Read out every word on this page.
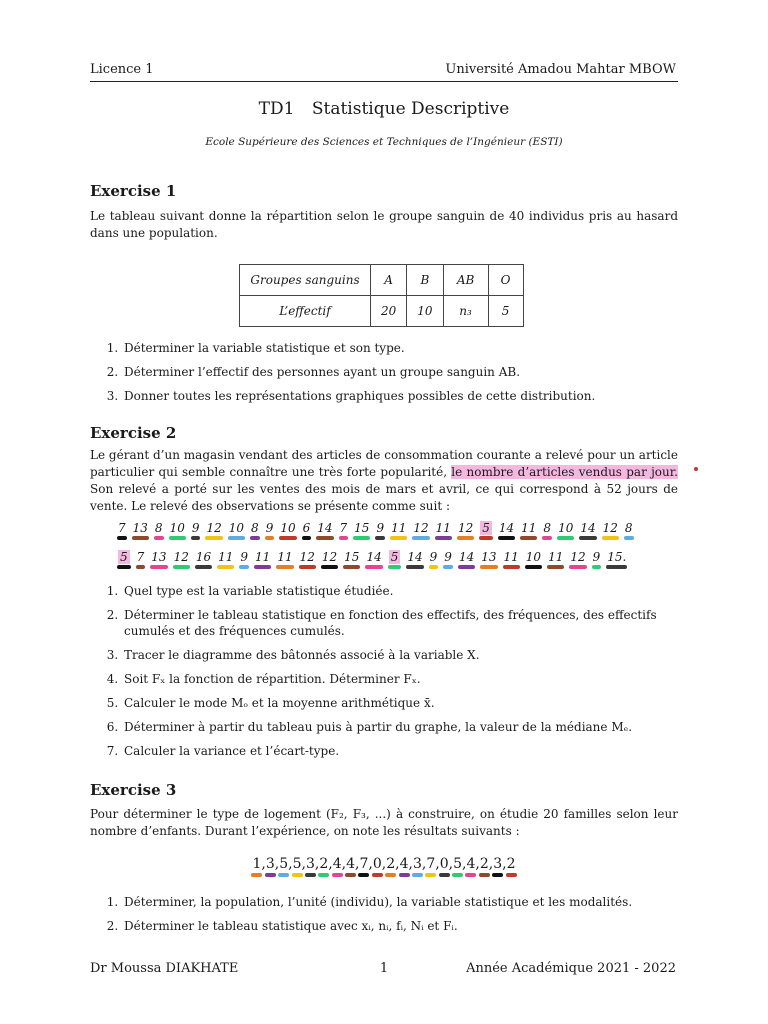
Licence 1	Université Amadou Mahtar MBOW
TD1 Statistique Descriptive
Ecole Supérieure des Sciences et Techniques de l’Ingénieur (ESTI)
Exercise 1
Le tableau suivant donne la répartition selon le groupe sanguin de 40 individus pris au hasard dans une population.
Groupes sanguins	A	B	AB	O
L’effectif	20	10	n₃	5
1. Déterminer la variable statistique et son type.
2. Déterminer l’effectif des personnes ayant un groupe sanguin AB.
3. Donner toutes les représentations graphiques possibles de cette distribution.
Exercise 2
Le gérant d’un magasin vendant des articles de consommation courante a relevé pour un article particulier qui semble connaître une très forte popularité, le nombre d’articles vendus par jour. Son relevé a porté sur les ventes des mois de mars et avril, ce qui correspond à 52 jours de vente. Le relevé des observations se présente comme suit :
7 13 8 10 9 12 10 8 9 10 6 14 7 15 9 11 12 11 12 5 14 11 8 10 14 12 8
5 7 13 12 16 11 9 11 11 12 12 15 14 5 14 9 9 14 13 11 10 11 12 9 15.
1. Quel type est la variable statistique étudiée.
2. Déterminer le tableau statistique en fonction des effectifs, des fréquences, des effectifs cumulés et des fréquences cumulés.
3. Tracer le diagramme des bâtonnés associé à la variable X.
4. Soit Fₓ la fonction de répartition. Déterminer Fₓ.
5. Calculer le mode Mₒ et la moyenne arithmétique x̄.
6. Déterminer à partir du tableau puis à partir du graphe, la valeur de la médiane Mₑ.
7. Calculer la variance et l’écart-type.
Exercise 3
Pour déterminer le type de logement (F₂, F₃, ...) à construire, on étudie 20 familles selon leur nombre d’enfants. Durant l’expérience, on note les résultats suivants :
1,3,5,5,3,2,4,4,7,0,2,4,3,7,0,5,4,2,3,2
1. Déterminer, la population, l’unité (individu), la variable statistique et les modalités.
2. Déterminer le tableau statistique avec xᵢ, nᵢ, fᵢ, Nᵢ et Fᵢ.
Dr Moussa DIAKHATE	1	Année Académique 2021 - 2022
